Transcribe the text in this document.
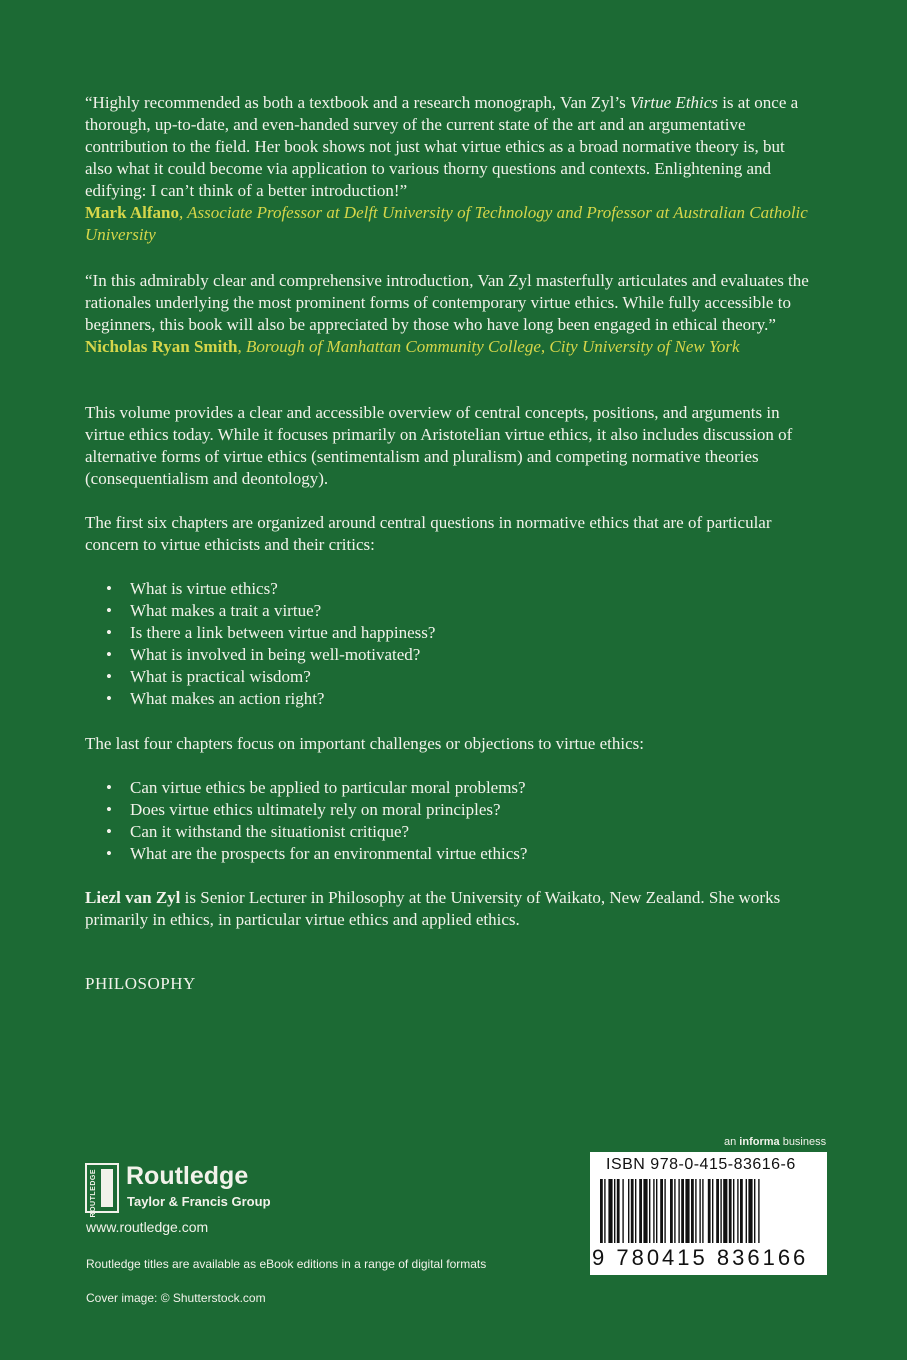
“Highly recommended as both a textbook and a research monograph, Van Zyl’s Virtue Ethics is at once a thorough, up-to-date, and even-handed survey of the current state of the art and an argumentative contribution to the field. Her book shows not just what virtue ethics as a broad normative theory is, but also what it could become via application to various thorny questions and contexts. Enlightening and edifying: I can’t think of a better introduction!”

Mark Alfano, Associate Professor at Delft University of Technology and Professor at Australian Catholic University

“In this admirably clear and comprehensive introduction, Van Zyl masterfully articulates and evaluates the rationales underlying the most prominent forms of contemporary virtue ethics. While fully accessible to beginners, this book will also be appreciated by those who have long been engaged in ethical theory.”

Nicholas Ryan Smith, Borough of Manhattan Community College, City University of New York

This volume provides a clear and accessible overview of central concepts, positions, and arguments in virtue ethics today. While it focuses primarily on Aristotelian virtue ethics, it also includes discussion of alternative forms of virtue ethics (sentimentalism and pluralism) and competing normative theories (consequentialism and deontology).

The first six chapters are organized around central questions in normative ethics that are of particular concern to virtue ethicists and their critics:

• What is virtue ethics?
• What makes a trait a virtue?
• Is there a link between virtue and happiness?
• What is involved in being well-motivated?
• What is practical wisdom?
• What makes an action right?

The last four chapters focus on important challenges or objections to virtue ethics:

• Can virtue ethics be applied to particular moral problems?
• Does virtue ethics ultimately rely on moral principles?
• Can it withstand the situationist critique?
• What are the prospects for an environmental virtue ethics?

Liezl van Zyl is Senior Lecturer in Philosophy at the University of Waikato, New Zealand. She works primarily in ethics, in particular virtue ethics and applied ethics.

PHILOSOPHY
ROUTLEDGE Routledge
Taylor & Francis Group
www.routledge.com
Routledge titles are available as eBook editions in a range of digital formats
Cover image: © Shutterstock.com
an informa business
ISBN 978-0-415-83616-6
9 780415 836166
